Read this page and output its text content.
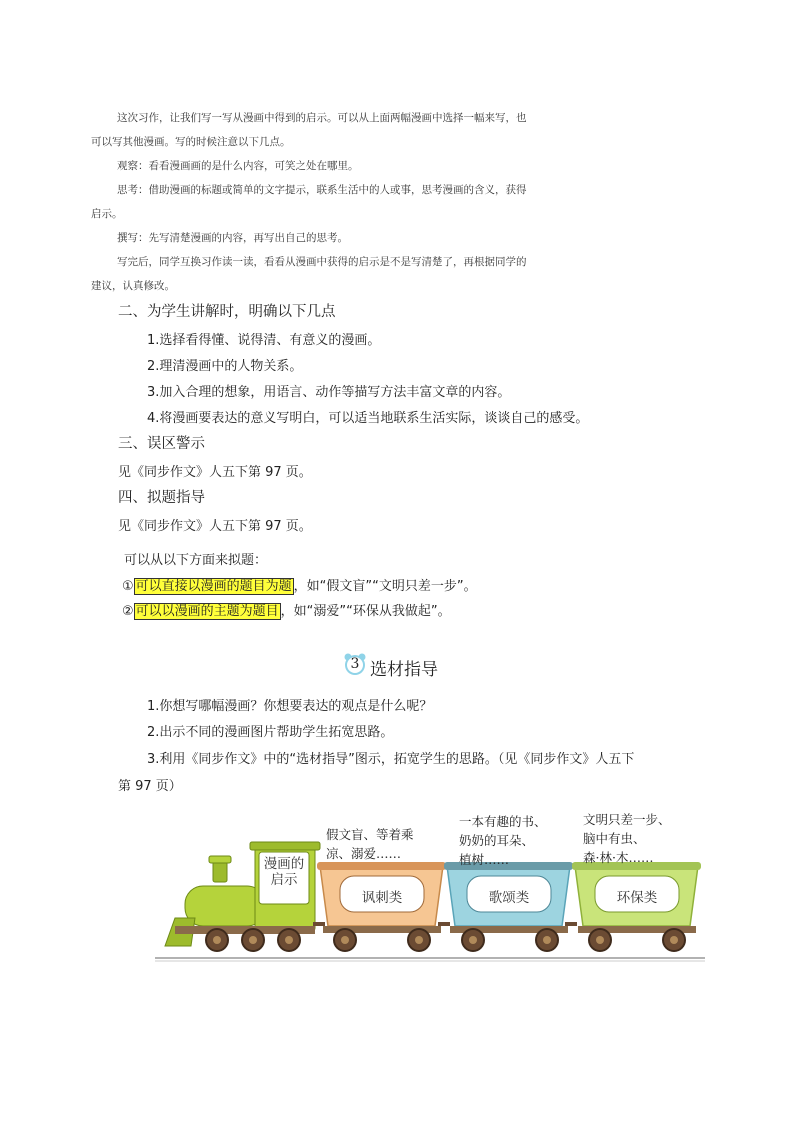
这次习作，让我们写一写从漫画中得到的启示。可以从上面两幅漫画中选择一幅来写，也
可以写其他漫画。写的时候注意以下几点。
观察：看看漫画画的是什么内容，可笑之处在哪里。
思考：借助漫画的标题或简单的文字提示，联系生活中的人或事，思考漫画的含义，获得
启示。
撰写：先写清楚漫画的内容，再写出自己的思考。
写完后，同学互换习作读一读，看看从漫画中获得的启示是不是写清楚了，再根据同学的
建议，认真修改。
二、为学生讲解时，明确以下几点
1.选择看得懂、说得清、有意义的漫画。
2.理清漫画中的人物关系。
3.加入合理的想象，用语言、动作等描写方法丰富文章的内容。
4.将漫画要表达的意义写明白，可以适当地联系生活实际，谈谈自己的感受。
三、误区警示
见《同步作文》人五下第 97 页。
四、拟题指导
见《同步作文》人五下第 97 页。
可以从以下方面来拟题：
① 可以直接以漫画的题目为题 ，如“假文盲”“文明只差一步”。
② 可以以漫画的主题为题目 ，如“溺爱”“环保从我做起”。
3 选材指导
1.你想写哪幅漫画？你想要表达的观点是什么呢？
2.出示不同的漫画图片帮助学生拓宽思路。
3.利用《同步作文》中的“选材指导”图示，拓宽学生的思路。（见《同步作文》人五下
第 97 页）
漫画的
启示
讽刺类	歌颂类	环保类
假文盲、等着乘
凉、溺爱……
一本有趣的书、
奶奶的耳朵、
植树……
文明只差一步、
脑中有虫、
森·林·木……
